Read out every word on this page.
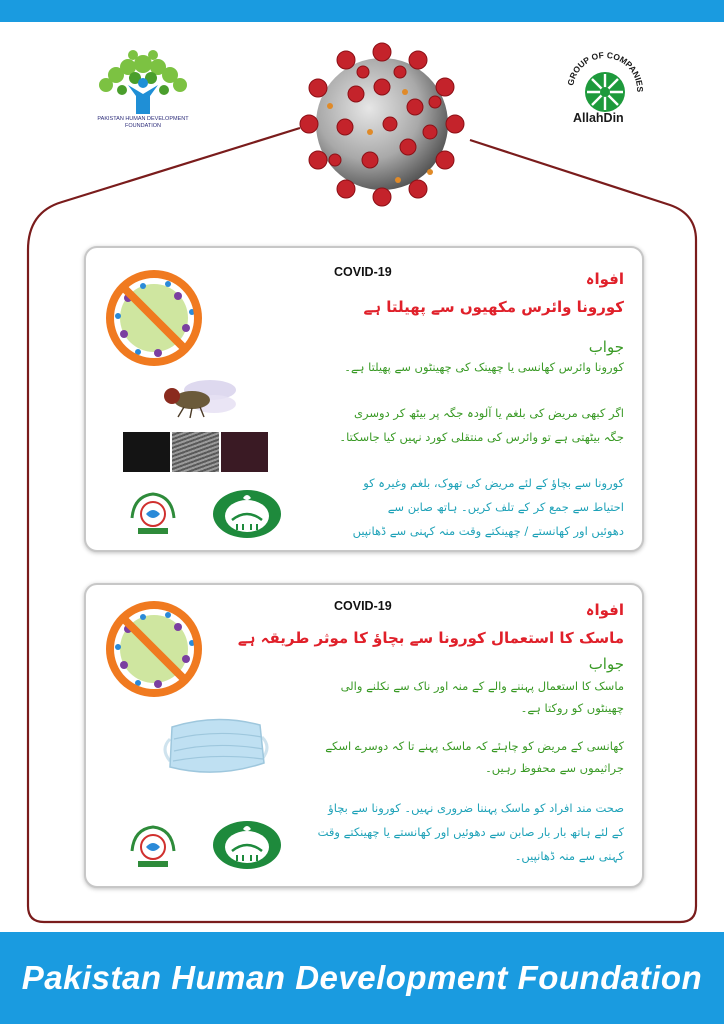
PAKISTAN HUMAN DEVELOPMENT FOUNDATION
GROUP OF COMPANIES
AllahDin
COVID-19	افواہ
کورونا وائرس مکھیوں سے پھیلتا ہے
جواب
کورونا وائرس کھانسی یا چھینک کی چھینٹوں سے پھیلتا ہے۔
اگر کبھی مریض کی بلغم یا آلودہ جگہ پر بیٹھ کر دوسری
جگہ بیٹھتی ہے تو وائرس کی منتقلی کورد نہیں کیا جاسکتا۔
کورونا سے بچاؤ کے لئے مریض کی تھوک، بلغم وغیرہ کو
احتیاط سے جمع کر کے تلف کریں۔ ہاتھ صابن سے
دھوئیں اور کھانستے / چھینکتے وقت منہ کہنی سے ڈھانپیں
COVID-19	افواہ
ماسک کا استعمال کورونا سے بچاؤ کا موثر طریقہ ہے
جواب
ماسک کا استعمال پہننے والے کے منہ اور ناک سے نکلنے والی
چھینٹوں کو روکتا ہے۔
کھانسی کے مریض کو چاہئے کہ ماسک پہنے تا کہ دوسرے اسکے
جراثیموں سے محفوظ رہیں۔
صحت مند افراد کو ماسک پہننا ضروری نہیں۔ کورونا سے بچاؤ
کے لئے ہاتھ بار بار صابن سے دھوئیں اور کھانستے یا چھینکتے وقت
کہنی سے منہ ڈھانپیں۔
Pakistan Human Development Foundation
